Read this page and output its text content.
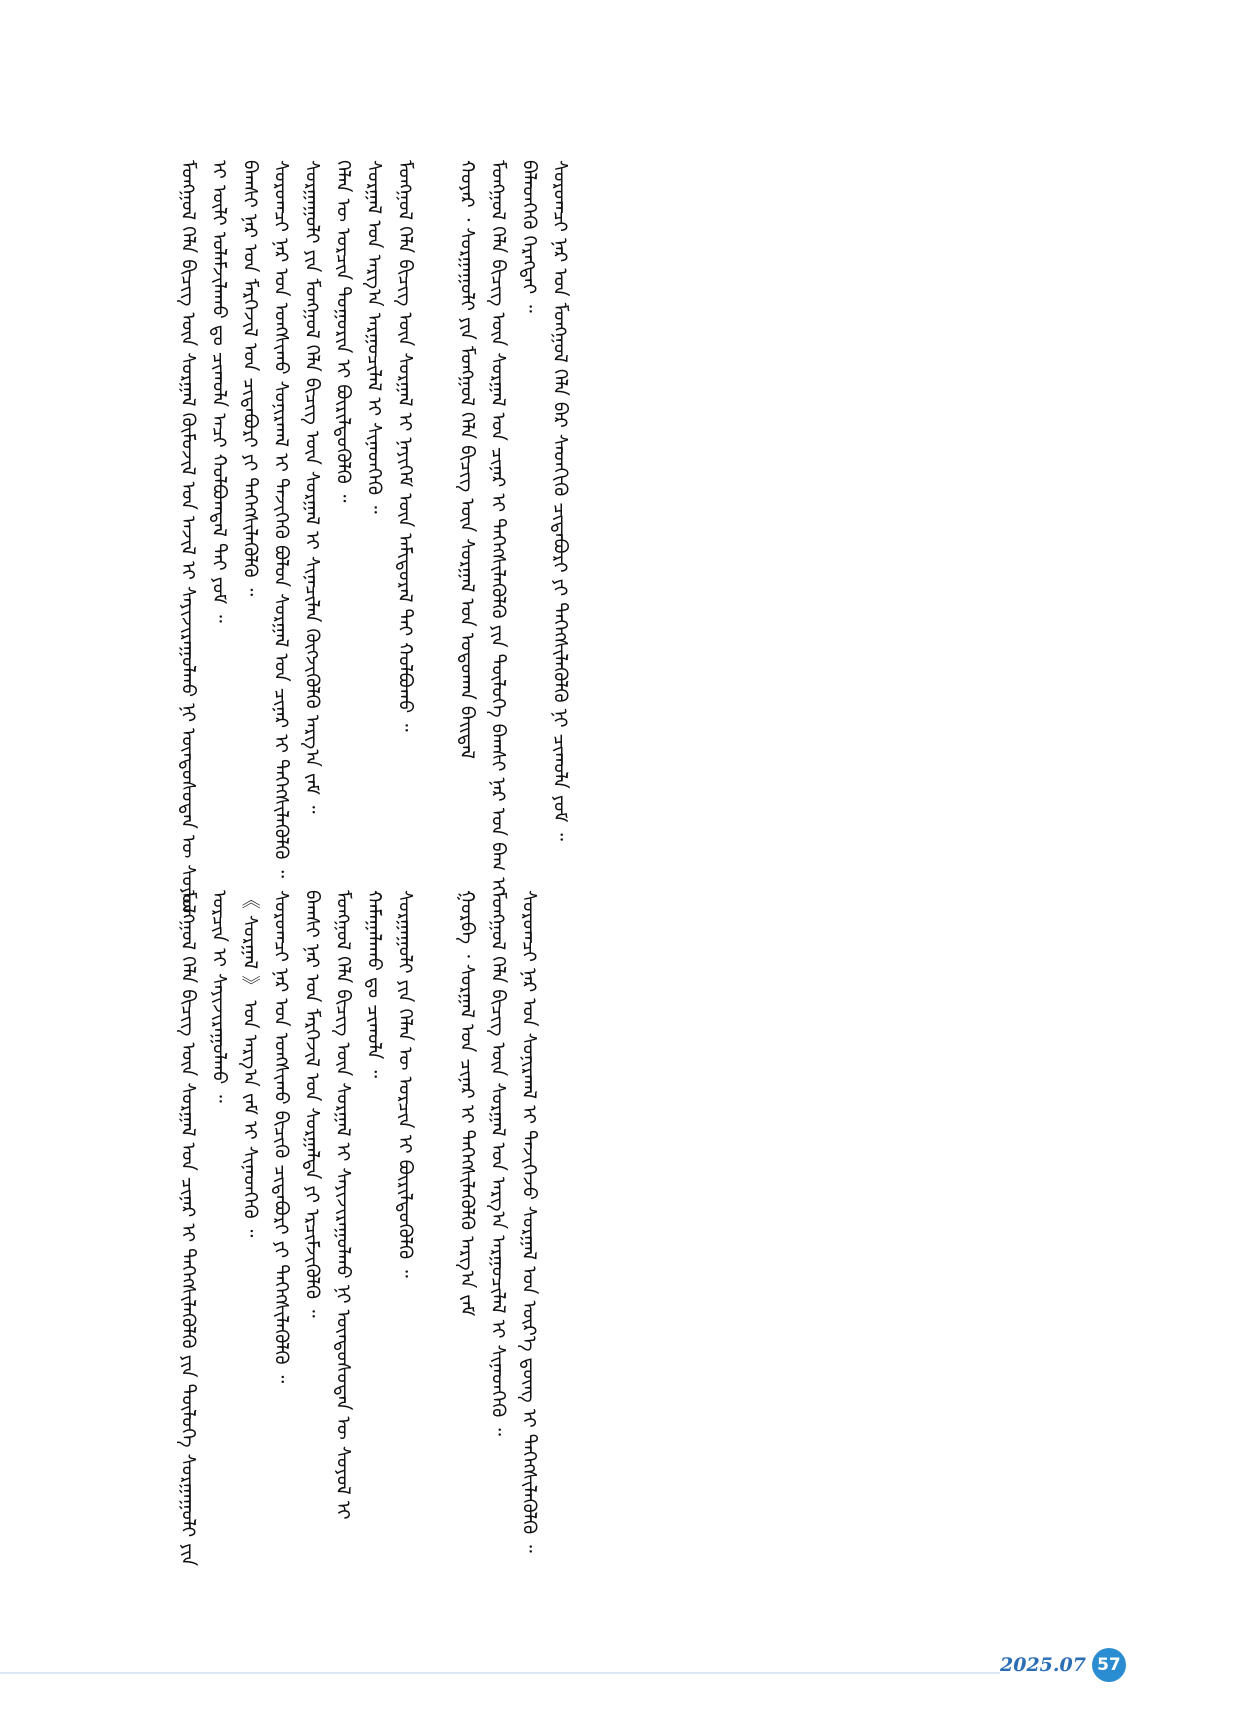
ᠮᠣᠩᠭᠣᠯ ᠬᠡᠯᠡ ᠪᠢᠴᠢᠭ ᠦᠨ ᠰᠤᠷᠭᠠᠯ ᠬᠦᠮᠦᠵᠢᠯ ᠤᠨ ᠠᠵᠢᠯ ᠢ ᠰᠠᠶᠢᠵᠢᠷᠠᠭᠤᠯᠬᠤ ᠨᠢ ᠦᠨᠳᠦᠰᠦᠲᠡᠨ ᠦ ᠰᠣᠶᠣᠯ ᠢ ᠦᠯᠢ ᠤᠯᠠᠮᠵᠢᠯᠠᠬᠤ ᠳᠤ ᠴᠢᠬᠤᠯᠠ ᠠᠴᠢ ᠬᠣᠯᠪᠣᠭᠳᠠᠯ ᠲᠠᠢ ᠶᠤᠮ ᠃
ᠪᠠᠭᠰᠢ ᠨᠠᠷ ᠤᠨ ᠮᠡᠷᠭᠡᠵᠢᠯ ᠤᠨ ᠴᠢᠳᠠᠪᠤᠷᠢ ᠶᠢ ᠳᠡᠭᠡᠭᠰᠢᠯᠡᠭᠦᠯᠬᠦ ᠃
ᠰᠤᠷᠤᠭᠴᠢ ᠨᠠᠷ ᠤᠨ ᠤᠩᠰᠢᠬᠤ ᠰᠣᠨᠢᠷᠬᠠᠯ ᠢ ᠲᠡᠵᠢᠭᠡᠬᠦ ᠪᠣᠯᠤᠨ ᠰᠤᠷᠭᠠᠯ ᠤᠨ ᠴᠢᠨᠠᠷ ᠢ ᠳᠡᠭᠡᠭᠰᠢᠯᠡᠭᠦᠯᠬᠦ ᠃
ᠰᠤᠷᠭᠠᠭᠤᠯᠢ ᠶᠢᠨ ᠮᠣᠩᠭᠣᠯ ᠬᠡᠯᠡ ᠪᠢᠴᠢᠭ ᠦᠨ ᠰᠤᠷᠭᠠᠯ ᠢ ᠰᠢᠨᠡᠴᠢᠯᠡᠨ ᠬᠦᠭᠵᠢᠭᠦᠯᠬᠦ ᠠᠷᠭ᠎ᠠ ᠵᠠᠮ ᠃
ᠬᠡᠯᠡᠨ ᠦ ᠣᠷᠴᠢᠨ ᠲᠣᠭᠣᠷᠢᠨ ᠢ ᠪᠦᠷᠢᠯᠳᠦᠭᠦᠯᠬᠦ ᠃
ᠰᠤᠷᠭᠠᠯ ᠤᠨ ᠠᠷᠭ᠎ᠠ ᠠᠷᠭᠤᠴᠢᠯᠠᠯ ᠢ ᠰᠢᠨᠡᠳᠭᠡᠬᠦ ᠃
ᠮᠣᠩᠭᠣᠯ ᠬᠡᠯᠡ ᠪᠢᠴᠢᠭ ᠦᠨ ᠰᠤᠷᠭᠠᠯ ᠢ ᠨᠡᠶᠢᠭᠡᠮ ᠦᠨ ᠠᠮᠢᠳᠤᠷᠠᠯ ᠲᠠᠢ ᠬᠣᠯᠪᠣᠬᠤ ᠃

ᠬᠣᠶᠠᠷ ᠂ ᠰᠤᠷᠭᠠᠭᠤᠯᠢ ᠶᠢᠨ ᠮᠣᠩᠭᠣᠯ ᠬᠡᠯᠡ ᠪᠢᠴᠢᠭ ᠦᠨ ᠰᠤᠷᠭᠠᠯ ᠤᠨ ᠣᠳᠣᠬᠠᠨ ᠪᠠᠢᠳᠠᠯ
ᠮᠣᠩᠭᠣᠯ ᠬᠡᠯᠡ ᠪᠢᠴᠢᠭ ᠦᠨ ᠰᠤᠷᠭᠠᠯ ᠤᠨ ᠴᠢᠨᠠᠷ ᠢ ᠳᠡᠭᠡᠭᠰᠢᠯᠡᠭᠦᠯᠬᠦ ᠶᠢᠨ ᠲᠥᠯᠥᠭᠡ ᠪᠠᠭᠰᠢ ᠨᠠᠷ ᠤᠨ ᠪᠠᠭ ᠢ ᠪᠡᠯᠡᠳᠬᠡᠬᠦ ᠬᠡᠷᠡᠭᠲᠡᠢ ᠃
ᠰᠤᠷᠤᠭᠴᠢ ᠨᠠᠷ ᠤᠨ ᠮᠣᠩᠭᠣᠯ ᠬᠡᠯᠡ ᠪᠡᠷ ᠰᠡᠳᠬᠢᠬᠦ ᠴᠢᠳᠠᠪᠤᠷᠢ ᠶᠢ ᠳᠡᠭᠡᠭᠰᠢᠯᠡᠭᠦᠯᠬᠦ ᠨᠢ ᠴᠢᠬᠤᠯᠠ ᠶᠤᠮ ᠃
ᠮᠣᠩᠭᠣᠯ ᠬᠡᠯᠡ ᠪᠢᠴᠢᠭ ᠦᠨ ᠰᠤᠷᠭᠠᠯ ᠤᠨ ᠴᠢᠨᠠᠷ ᠢ ᠳᠡᠭᠡᠭᠰᠢᠯᠡᠭᠦᠯᠬᠦ ᠶᠢᠨ ᠲᠥᠯᠥᠭᠡ ᠰᠤᠷᠭᠠᠭᠤᠯᠢ ᠶᠢᠨ ᠣᠷᠴᠢᠨ ᠢ ᠰᠠᠶᠢᠵᠢᠷᠠᠭᠤᠯᠬᠤ ᠃
《 ᠰᠤᠷᠭᠠᠯ 》 ᠤᠨ ᠠᠷᠭ᠎ᠠ ᠵᠠᠮ ᠢ ᠰᠢᠨᠡᠳᠭᠡᠬᠦ ᠃
ᠰᠤᠷᠤᠭᠴᠢ ᠨᠠᠷ ᠤᠨ ᠤᠩᠰᠢᠬᠤ ᠪᠢᠴᠢᠬᠦ ᠴᠢᠳᠠᠪᠤᠷᠢ ᠶᠢ ᠳᠡᠭᠡᠭᠰᠢᠯᠡᠭᠦᠯᠬᠦ ᠃
ᠪᠠᠭᠰᠢ ᠨᠠᠷ ᠤᠨ ᠮᠡᠷᠭᠡᠵᠢᠯ ᠤᠨ ᠰᠤᠷᠭᠠᠯᠲᠠ ᠶᠢ ᠡᠷᠴᠢᠮᠵᠢᠭᠦᠯᠬᠦ ᠃
ᠮᠣᠩᠭᠣᠯ ᠬᠡᠯᠡ ᠪᠢᠴᠢᠭ ᠦᠨ ᠰᠤᠷᠭᠠᠯ ᠢ ᠰᠠᠶᠢᠵᠢᠷᠠᠭᠤᠯᠬᠤ ᠨᠢ ᠦᠨᠳᠦᠰᠦᠲᠡᠨ ᠦ ᠰᠣᠶᠣᠯ ᠢ ᠬᠠᠮᠠᠭᠠᠯᠠᠬᠤ ᠳᠤ ᠴᠢᠬᠤᠯᠠ ᠃
ᠰᠤᠷᠭᠠᠭᠤᠯᠢ ᠶᠢᠨ ᠬᠡᠯᠡᠨ ᠦ ᠣᠷᠴᠢᠨ ᠢ ᠪᠦᠷᠢᠯᠳᠦᠭᠦᠯᠬᠦ ᠃

ᠭᠤᠷᠪᠠ ᠂ ᠰᠤᠷᠭᠠᠯ ᠤᠨ ᠴᠢᠨᠠᠷ ᠢ ᠳᠡᠭᠡᠭᠰᠢᠯᠡᠭᠦᠯᠬᠦ ᠠᠷᠭ᠎ᠠ ᠵᠠᠮ
ᠮᠣᠩᠭᠣᠯ ᠬᠡᠯᠡ ᠪᠢᠴᠢᠭ ᠦᠨ ᠰᠤᠷᠭᠠᠯ ᠤᠨ ᠠᠷᠭ᠎ᠠ ᠠᠷᠭᠤᠴᠢᠯᠠᠯ ᠢ ᠰᠢᠨᠡᠳᠭᠡᠬᠦ ᠃
ᠰᠤᠷᠤᠭᠴᠢ ᠨᠠᠷ ᠤᠨ ᠰᠣᠨᠢᠷᠬᠠᠯ ᠢ ᠲᠡᠵᠢᠭᠡᠵᠦ ᠰᠤᠷᠭᠠᠯ ᠤᠨ ᠦᠷ᠎ᠡ ᠳ᠋ᠦᠩ ᠢ ᠳᠡᠭᠡᠭᠰᠢᠯᠡᠭᠦᠯᠬᠦ ᠃
2025.07 57
